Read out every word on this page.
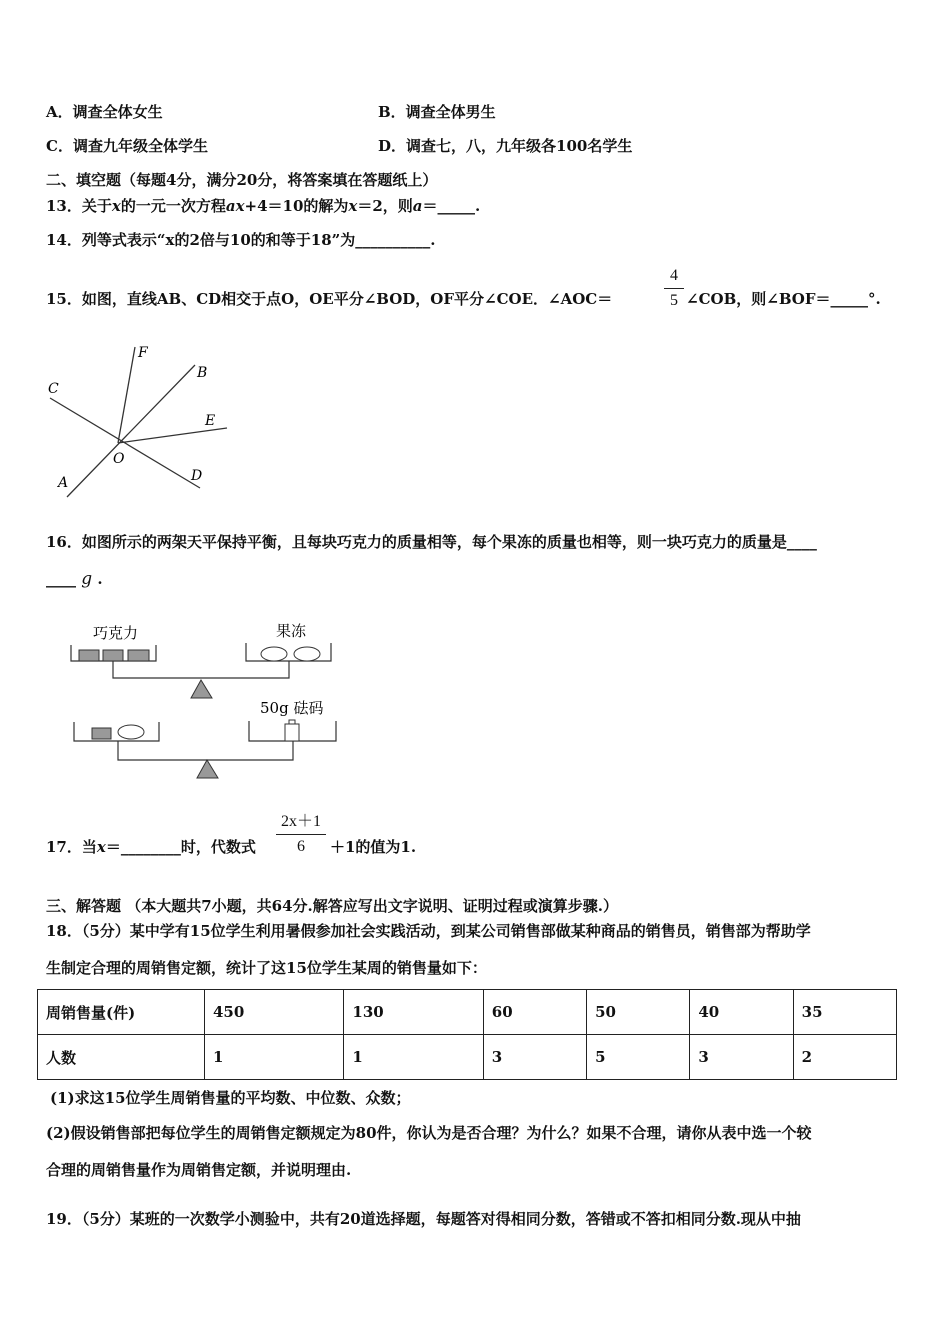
A．调查全体女生	B．调查全体男生
C．调查九年级全体学生	D．调查七，八，九年级各100名学生
二、填空题（每题4分，满分20分，将答案填在答题纸上）
13．关于x的一元一次方程ax+4＝10的解为x＝2，则a＝_____.
14．列等式表示“x的2倍与10的和等于18”为__________.
15．如图，直线AB、CD相交于点O，OE平分∠BOD，OF平分∠COE．∠AOC＝
4
5 ∠COB，则∠BOF＝_____°.
F
B
C
E
O
D
A
16．如图所示的两架天平保持平衡，且每块巧克力的质量相等，每个果冻的质量也相等，则一块巧克力的质量是____
____ g .
巧克力	果冻
50g 砝码
17．当x＝________时，代数式
2x＋1
6	＋1的值为1.
三、解答题 （本大题共7小题，共64分.解答应写出文字说明、证明过程或演算步骤.）
18．（5分）某中学有15位学生利用暑假参加社会实践活动，到某公司销售部做某种商品的销售员，销售部为帮助学
生制定合理的周销售定额，统计了这15位学生某周的销售量如下：
周销售量(件)	450	130	60	50	40	35
人数	1	1	3	5	3	2
(1)求这15位学生周销售量的平均数、中位数、众数；
(2)假设销售部把每位学生的周销售定额规定为80件，你认为是否合理？为什么？如果不合理，请你从表中选一个较
合理的周销售量作为周销售定额，并说明理由.
19．（5分）某班的一次数学小测验中，共有20道选择题，每题答对得相同分数，答错或不答扣相同分数.现从中抽
